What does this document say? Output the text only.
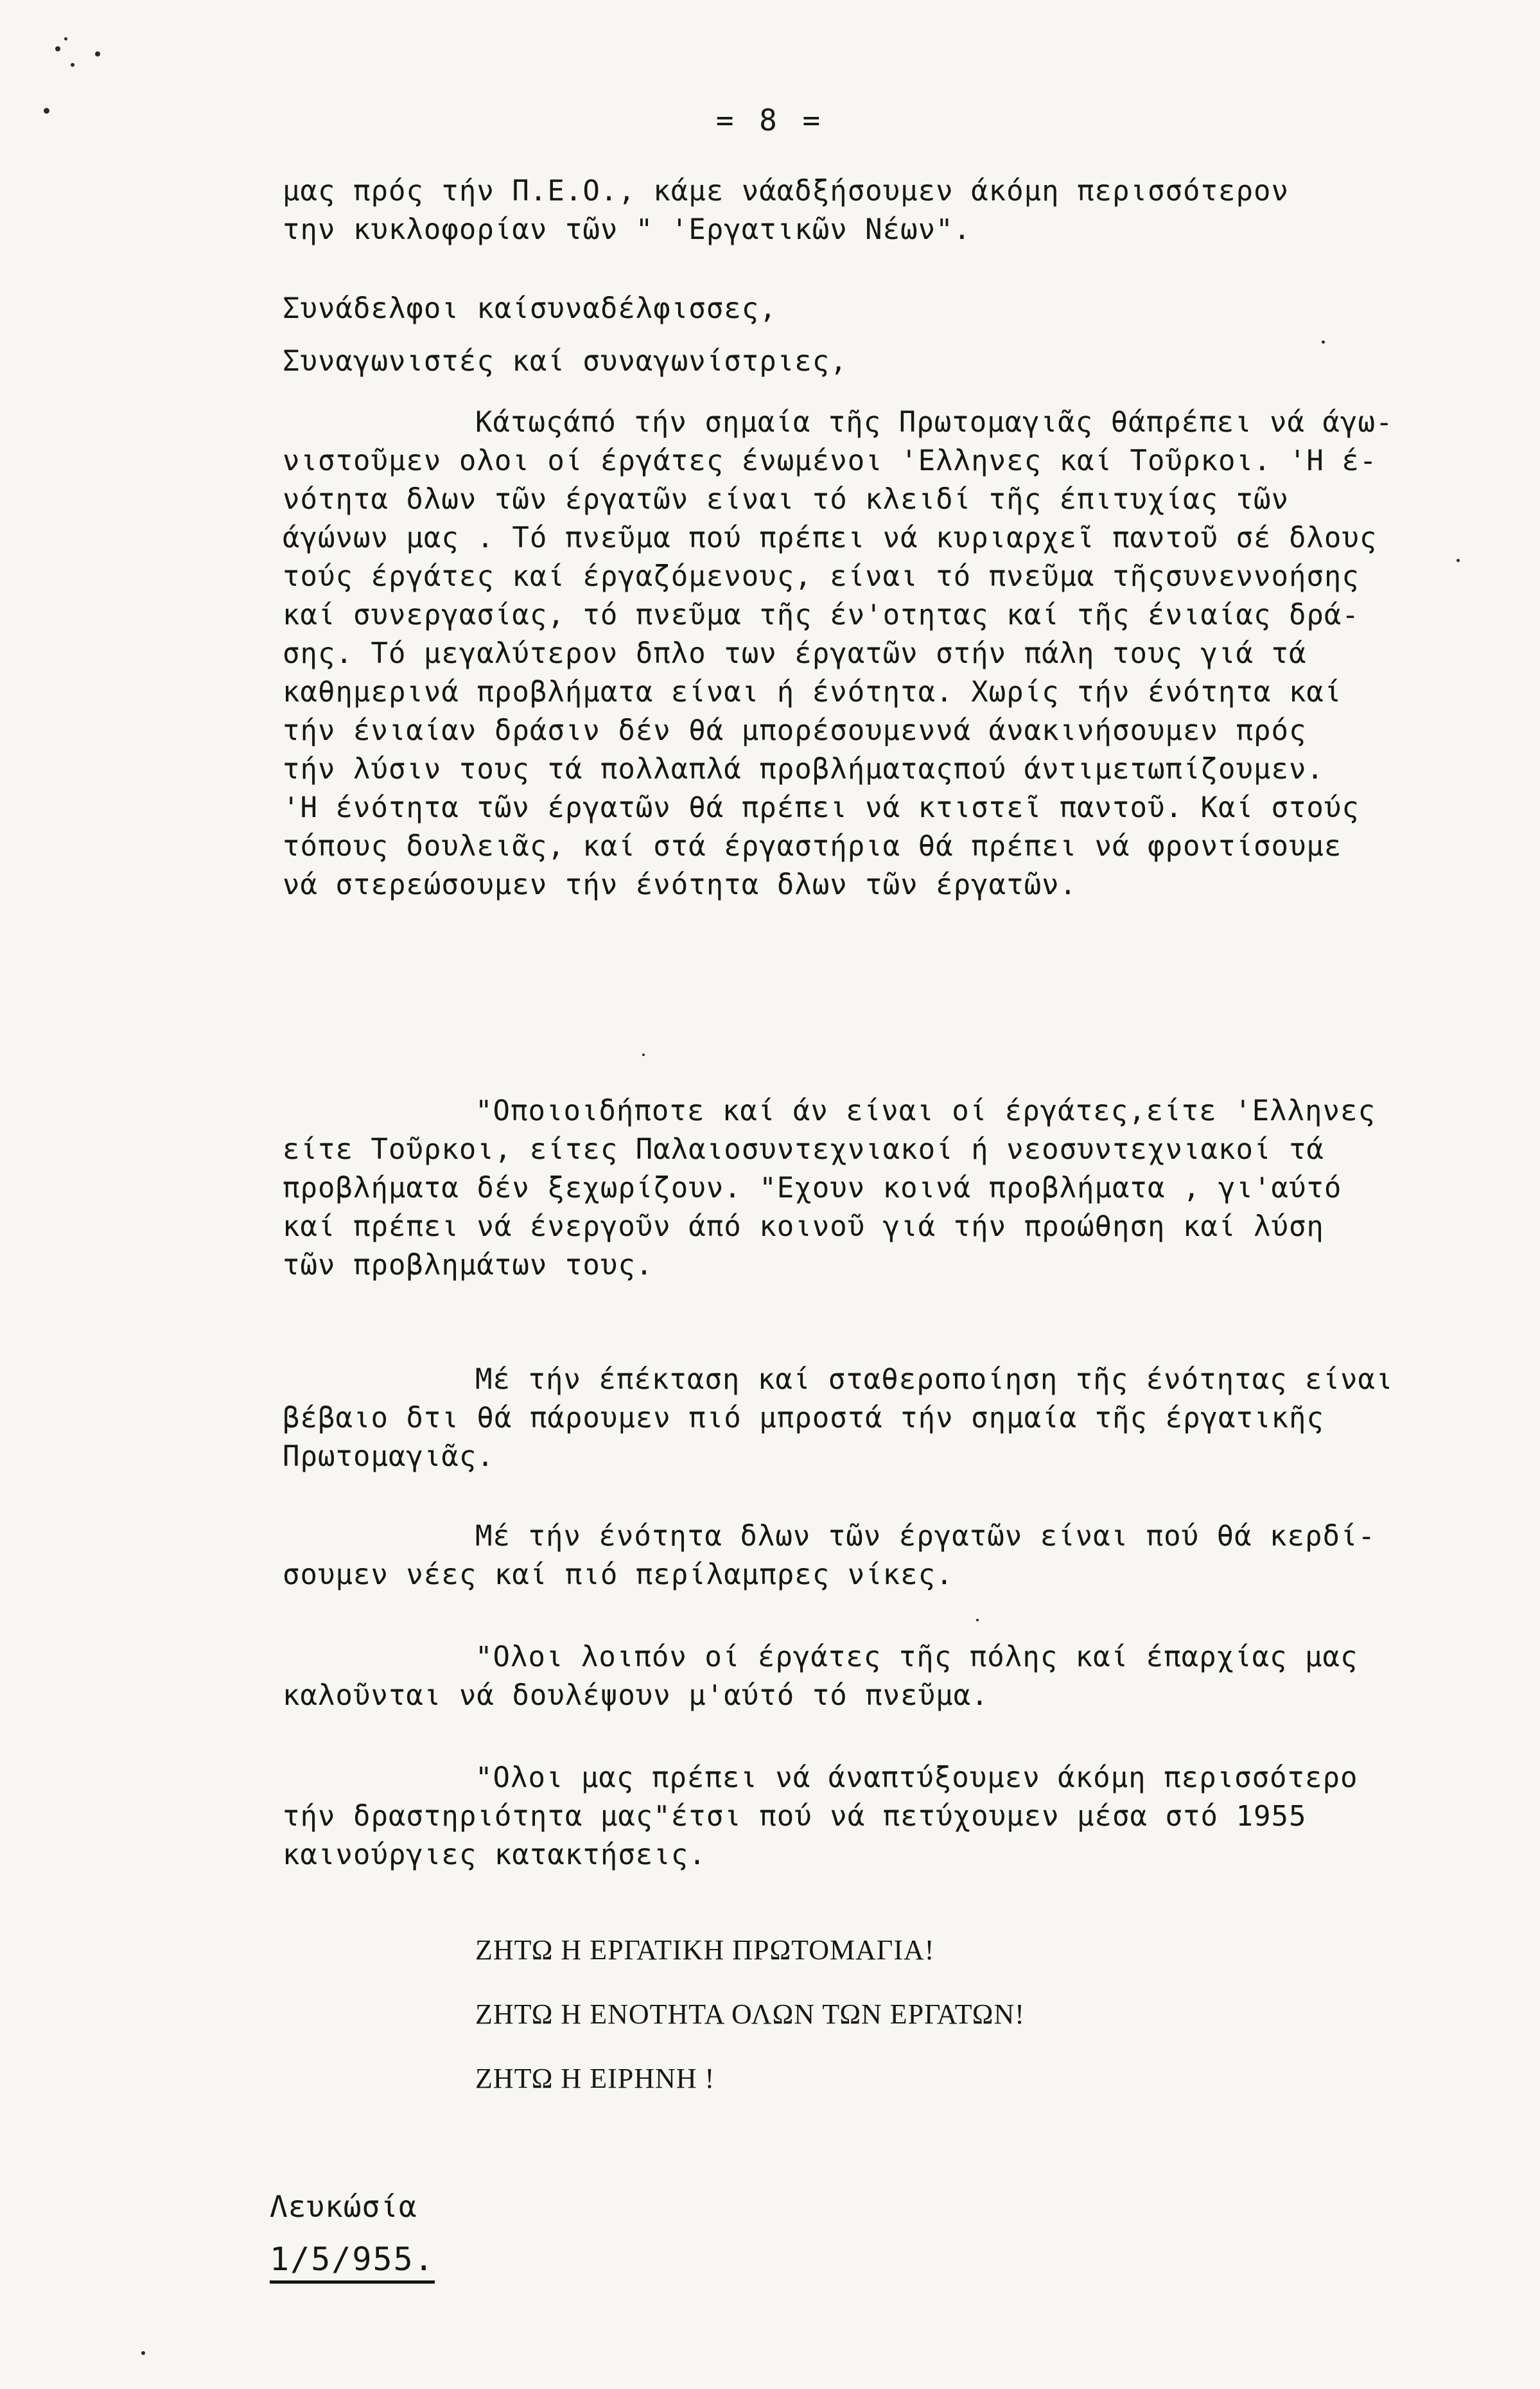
= 8 =
μας πρός τήν Π.Ε.Ο., κάμε νάαδξήσουμεν άκόμη περισσότερον
την κυκλοφορίαν τῶν " 'Εργατικῶν Νέων".
Συνάδελφοι καίσυναδέλφισσες,
Συναγωνιστές καί συναγωνίστριες,
Κάτωςάπό τήν σημαία τῆς Πρωτομαγιᾶς θάπρέπει νά άγω-
νιστοῦμεν ολοι οί έργάτες ένωμένοι 'Ελληνες καί Τοῦρκοι. 'Η έ-
νότητα δλων τῶν έργατῶν είναι τό κλειδί τῆς έπιτυχίας τῶν
άγώνων μας . Τό πνεῦμα πού πρέπει νά κυριαρχεῖ παντοῦ σέ δλους
τούς έργάτες καί έργαζόμενους, είναι τό πνεῦμα τῆςσυνεννοήσης
καί συνεργασίας, τό πνεῦμα τῆς έν'οτητας καί τῆς ένιαίας δρά-
σης. Τό μεγαλύτερον δπλο των έργατῶν στήν πάλη τους γιά τά
καθημερινά προβλήματα είναι ή ένότητα. Χωρίς τήν ένότητα καί
τήν ένιαίαν δράσιν δέν θά μπορέσουμεννά άνακινήσουμεν πρός
τήν λύσιν τους τά πολλαπλά προβλήματαςπού άντιμετωπίζουμεν.
'Η ένότητα τῶν έργατῶν θά πρέπει νά κτιστεῖ παντοῦ. Καί στούς
τόπους δουλειᾶς, καί στά έργαστήρια θά πρέπει νά φροντίσουμε
νά στερεώσουμεν τήν ένότητα δλων τῶν έργατῶν.
"Οποιοιδήποτε καί άν είναι οί έργάτες,είτε 'Ελληνες
είτε Τοῦρκοι, είτες Παλαιοσυντεχνιακοί ή νεοσυντεχνιακοί τά
προβλήματα δέν ξεχωρίζουν. "Εχουν κοινά προβλήματα , γι'αύτό
καί πρέπει νά ένεργοῦν άπό κοινοῦ γιά τήν προώθηση καί λύση
τῶν προβλημάτων τους.
Μέ τήν έπέκταση καί σταθεροποίηση τῆς ένότητας είναι
βέβαιο δτι θά πάρουμεν πιό μπροστά τήν σημαία τῆς έργατικῆς
Πρωτομαγιᾶς.
Μέ τήν ένότητα δλων τῶν έργατῶν είναι πού θά κερδί-
σουμεν νέες καί πιό περίλαμπρες νίκες.
"Ολοι λοιπόν οί έργάτες τῆς πόλης καί έπαρχίας μας
καλοῦνται νά δουλέψουν μ'αύτό τό πνεῦμα.
"Ολοι μας πρέπει νά άναπτύξουμεν άκόμη περισσότερο
τήν δραστηριότητα μας"έτσι πού νά πετύχουμεν μέσα στό 1955
καινούργιες κατακτήσεις.
ΖΗΤΩ Η ΕΡΓΑΤΙΚΗ ΠΡΩΤΟΜΑΓΙΑ!
ΖΗΤΩ Η ΕΝΟΤΗΤΑ ΟΛΩΝ ΤΩΝ ΕΡΓΑΤΩΝ!
ΖΗΤΩ Η ΕΙΡΗΝΗ !
Λευκώσία
1/5/955.
